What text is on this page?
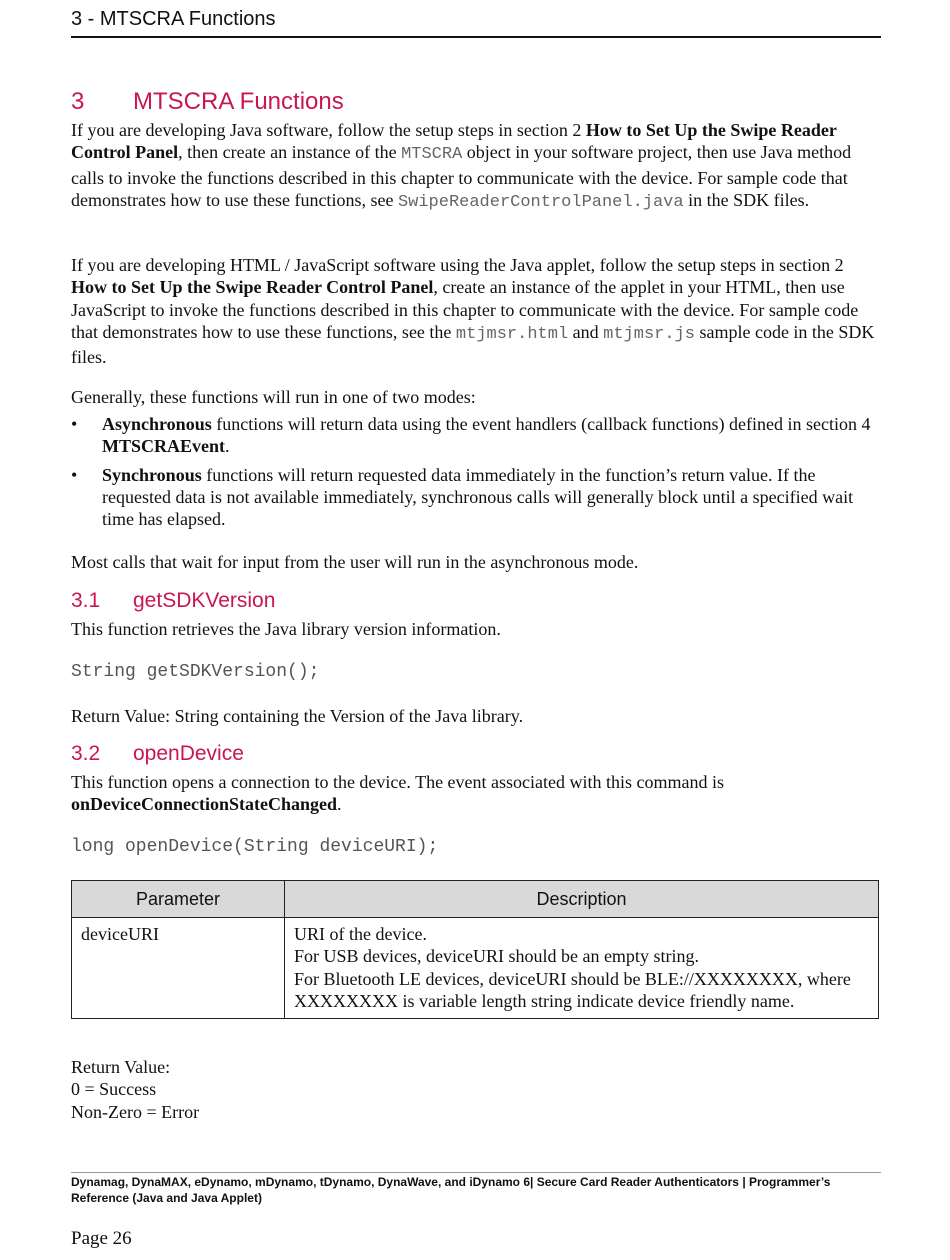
3 - MTSCRA Functions
3 MTSCRA Functions

If you are developing Java software, follow the setup steps in section 2 How to Set Up the Swipe Reader Control Panel, then create an instance of the MTSCRA object in your software project, then use Java method calls to invoke the functions described in this chapter to communicate with the device. For sample code that demonstrates how to use these functions, see SwipeReaderControlPanel.java in the SDK files.

If you are developing HTML / JavaScript software using the Java applet, follow the setup steps in section 2 How to Set Up the Swipe Reader Control Panel, create an instance of the applet in your HTML, then use JavaScript to invoke the functions described in this chapter to communicate with the device. For sample code that demonstrates how to use these functions, see the mtjmsr.html and mtjmsr.js sample code in the SDK files.

Generally, these functions will run in one of two modes:

• Asynchronous functions will return data using the event handlers (callback functions) defined in section 4 MTSCRAEvent.
• Synchronous functions will return requested data immediately in the function’s return value. If the requested data is not available immediately, synchronous calls will generally block until a specified wait time has elapsed.

Most calls that wait for input from the user will run in the asynchronous mode.

3.1 getSDKVersion

This function retrieves the Java library version information.

String getSDKVersion();

Return Value: String containing the Version of the Java library.

3.2 openDevice

This function opens a connection to the device. The event associated with this command is
onDeviceConnectionStateChanged.

long openDevice(String deviceURI);
Parameter	Description
deviceURI	URI of the device.
For USB devices, deviceURI should be an empty string.
For Bluetooth LE devices, deviceURI should be BLE://XXXXXXXX, where XXXXXXXX is variable length string indicate device friendly name.

Return Value:
0 = Success
Non-Zero = Error

Dynamag, DynaMAX, eDynamo, mDynamo, tDynamo, DynaWave, and iDynamo 6| Secure Card Reader Authenticators | Programmer’s Reference (Java and Java Applet)
Page 26
